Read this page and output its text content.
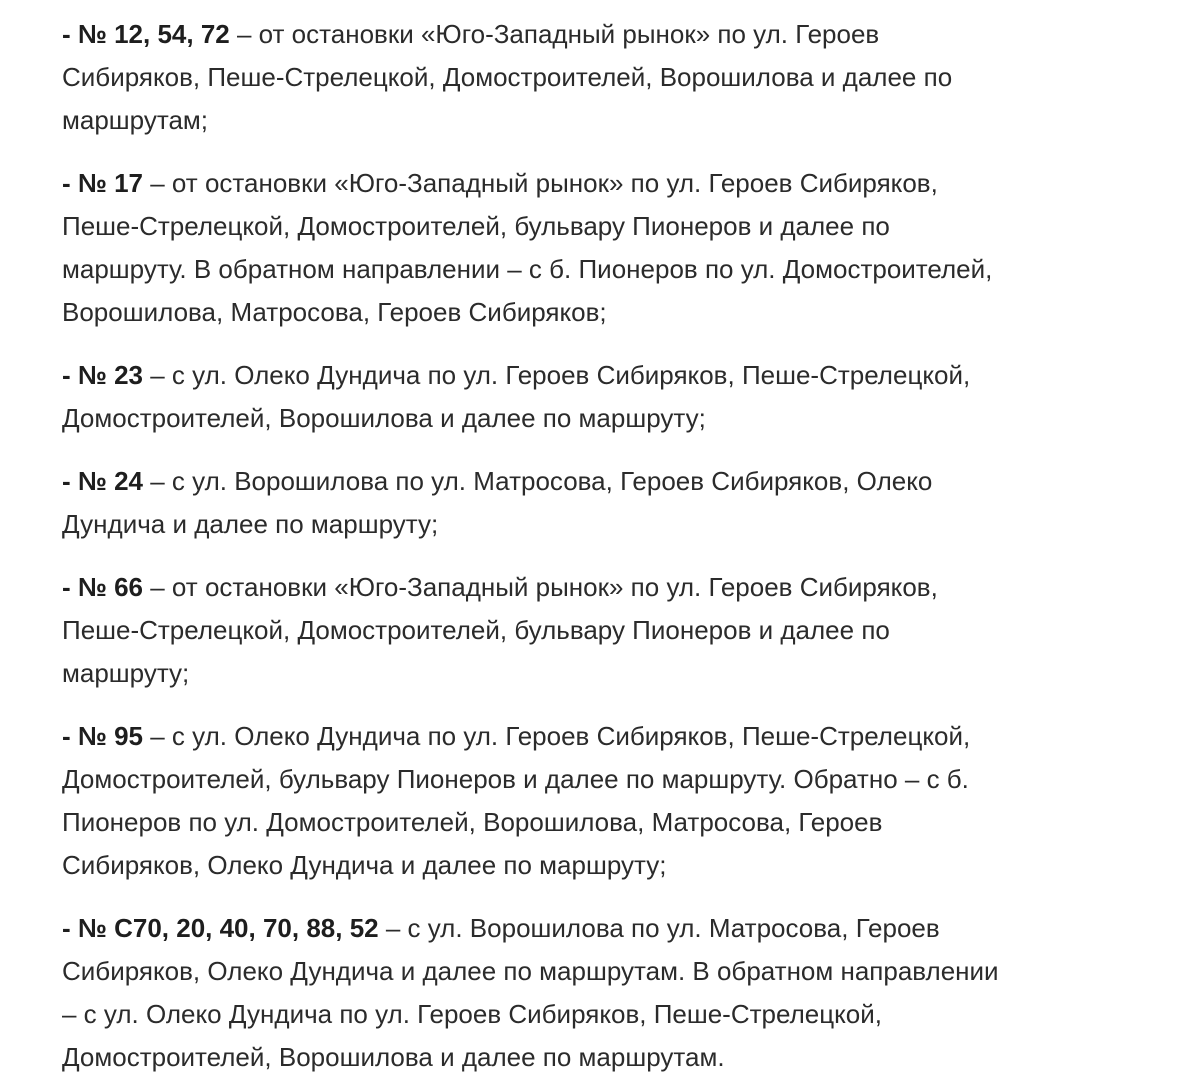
- № 12, 54, 72 – от остановки «Юго-Западный рынок» по ул. Героев
Сибиряков, Пеше-Стрелецкой, Домостроителей, Ворошилова и далее по
маршрутам;
- № 17 – от остановки «Юго-Западный рынок» по ул. Героев Сибиряков,
Пеше-Стрелецкой, Домостроителей, бульвару Пионеров и далее по
маршруту. В обратном направлении – с б. Пионеров по ул. Домостроителей,
Ворошилова, Матросова, Героев Сибиряков;
- № 23 – с ул. Олеко Дундича по ул. Героев Сибиряков, Пеше-Стрелецкой,
Домостроителей, Ворошилова и далее по маршруту;
- № 24 – с ул. Ворошилова по ул. Матросова, Героев Сибиряков, Олеко
Дундича и далее по маршруту;
- № 66 – от остановки «Юго-Западный рынок» по ул. Героев Сибиряков,
Пеше-Стрелецкой, Домостроителей, бульвару Пионеров и далее по
маршруту;
- № 95 – с ул. Олеко Дундича по ул. Героев Сибиряков, Пеше-Стрелецкой,
Домостроителей, бульвару Пионеров и далее по маршруту. Обратно – с б.
Пионеров по ул. Домостроителей, Ворошилова, Матросова, Героев
Сибиряков, Олеко Дундича и далее по маршруту;
- № С70, 20, 40, 70, 88, 52 – с ул. Ворошилова по ул. Матросова, Героев
Сибиряков, Олеко Дундича и далее по маршрутам. В обратном направлении
– с ул. Олеко Дундича по ул. Героев Сибиряков, Пеше-Стрелецкой,
Домостроителей, Ворошилова и далее по маршрутам.
